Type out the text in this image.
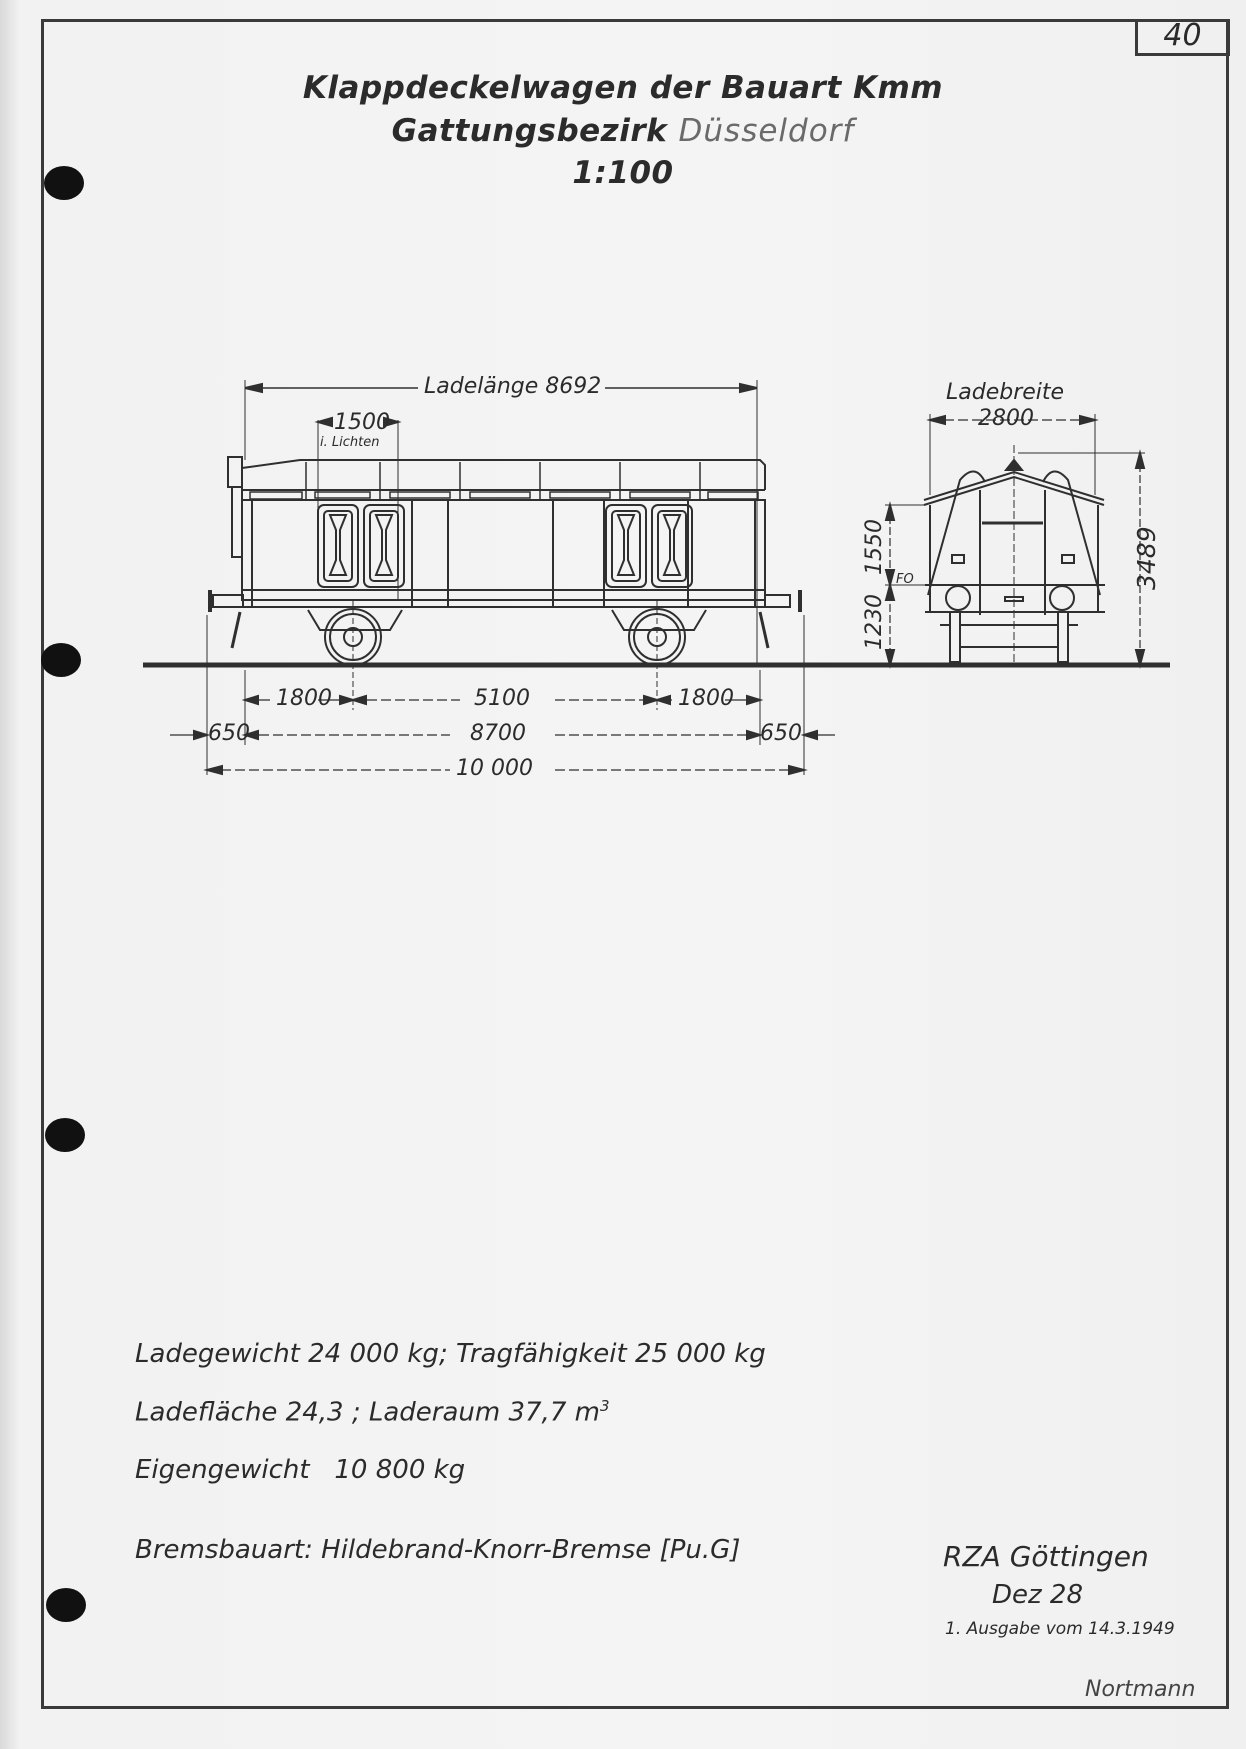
40
Klappdeckelwagen der Bauart Kmm
Gattungsbezirk Düsseldorf
1:100
Ladelänge 8692
1500
i. Lichten
1800	5100	1800
650	8700	650
10 000
Ladebreite
2800
1550
FO
1230
3489
Ladegewicht 24 000 kg; Tragfähigkeit 25 000 kg
Ladefläche 24,3 ; Laderaum 37,7 $m^3$
Eigengewicht   10 800 kg
Bremsbauart: Hildebrand-Knorr-Bremse [Pu.G]	RZA Göttingen
Dez 28
1. Ausgabe vom 14.3.1949
Nortmann
